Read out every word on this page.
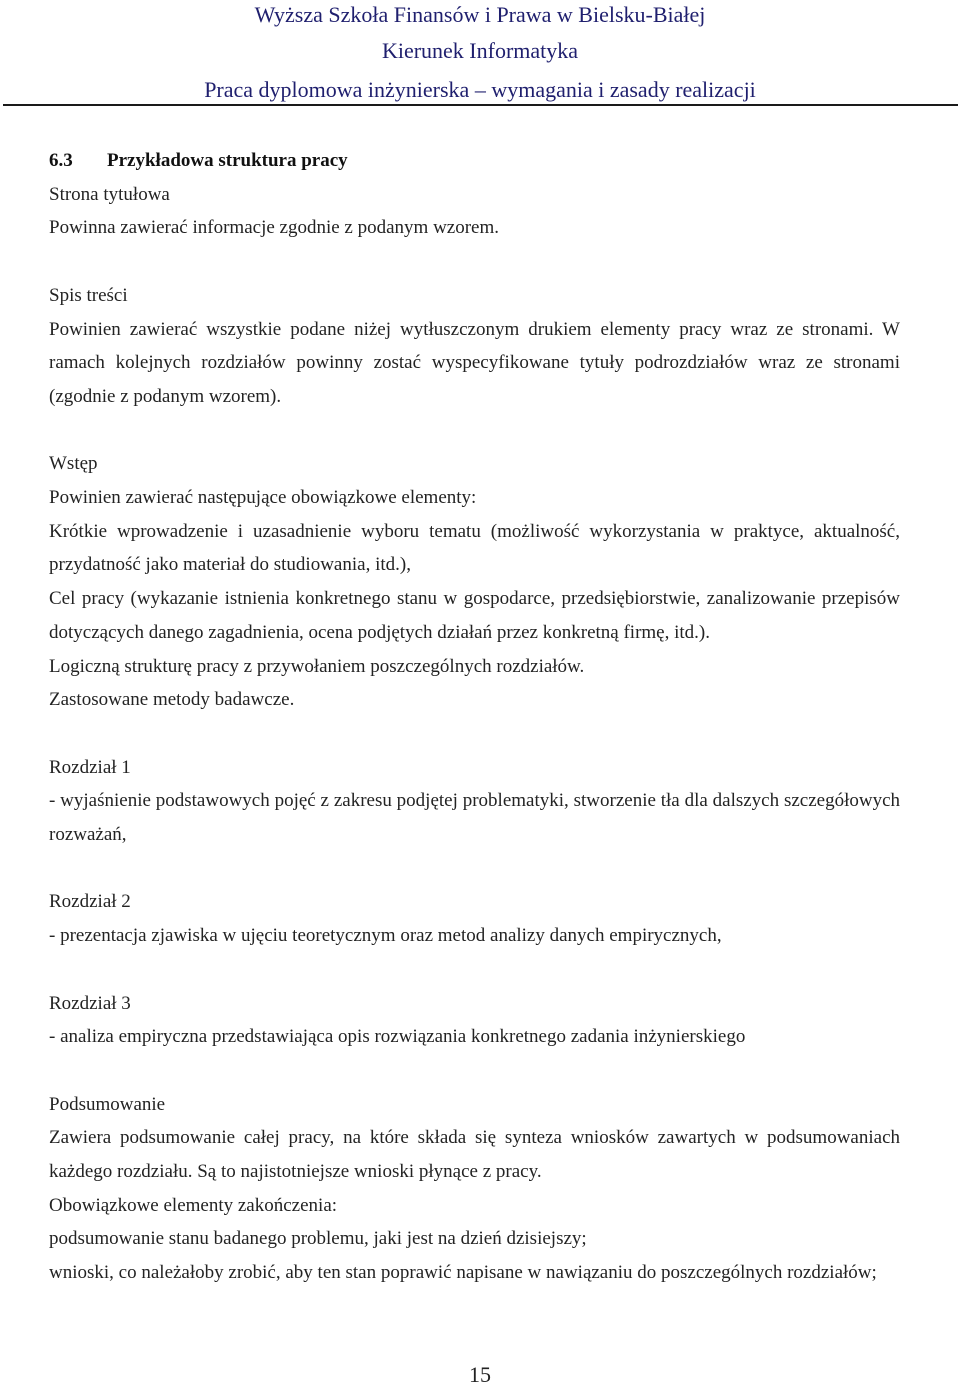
Wyższa Szkoła Finansów i Prawa w Bielsku-Białej
Kierunek Informatyka
Praca dyplomowa inżynierska – wymagania i zasady realizacji
6.3	Przykładowa struktura pracy
Strona tytułowa
Powinna zawierać informacje zgodnie z podanym wzorem.
Spis treści
Powinien zawierać wszystkie podane niżej wytłuszczonym drukiem elementy pracy wraz ze stronami. W ramach kolejnych rozdziałów powinny zostać wyspecyfikowane tytuły podrozdziałów wraz ze stronami (zgodnie z podanym wzorem).
Wstęp
Powinien zawierać następujące obowiązkowe elementy:
Krótkie wprowadzenie i uzasadnienie wyboru tematu (możliwość wykorzystania w praktyce, aktualność, przydatność jako materiał do studiowania, itd.),
Cel pracy (wykazanie istnienia konkretnego stanu w gospodarce, przedsiębiorstwie, zanalizowanie przepisów dotyczących danego zagadnienia, ocena podjętych działań przez konkretną firmę, itd.).
Logiczną strukturę pracy z przywołaniem poszczególnych rozdziałów.
Zastosowane metody badawcze.
Rozdział 1
- wyjaśnienie podstawowych pojęć z zakresu podjętej problematyki, stworzenie tła dla dalszych szczegółowych rozważań,
Rozdział 2
- prezentacja zjawiska w ujęciu teoretycznym oraz metod analizy danych empirycznych,
Rozdział 3
- analiza empiryczna przedstawiająca opis rozwiązania konkretnego zadania inżynierskiego
Podsumowanie
Zawiera podsumowanie całej pracy, na które składa się synteza wniosków zawartych w podsumowaniach każdego rozdziału. Są to najistotniejsze wnioski płynące z pracy.
Obowiązkowe elementy zakończenia:
podsumowanie stanu badanego problemu, jaki jest na dzień dzisiejszy;
wnioski, co należałoby zrobić, aby ten stan poprawić napisane w nawiązaniu do poszczególnych rozdziałów;
15
